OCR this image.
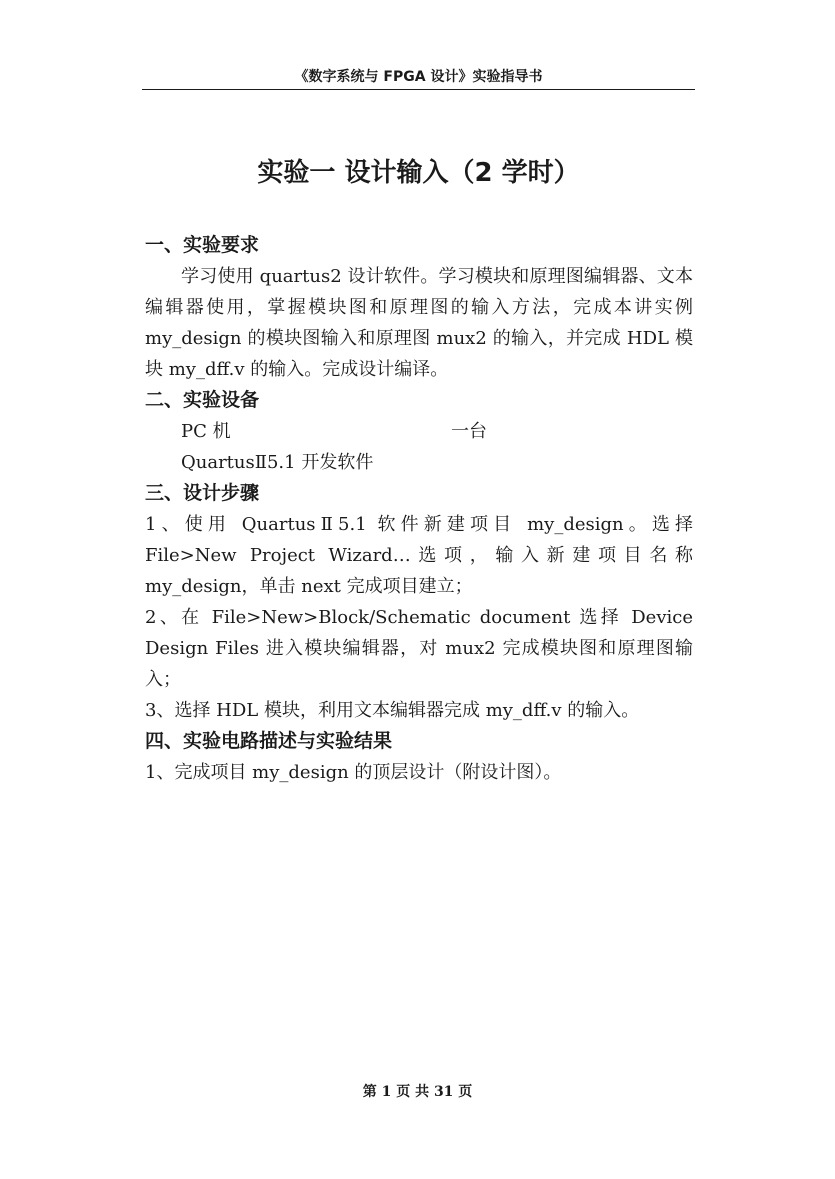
《数字系统与 FPGA 设计》实验指导书
实验一 设计输入（2 学时）

一、实验要求

学习使用 quartus2 设计软件。学习模块和原理图编辑器、文本编辑器使用，掌握模块图和原理图的输入方法，完成本讲实例 my_design 的模块图输入和原理图 mux2 的输入，并完成 HDL 模块 my_dff.v 的输入。完成设计编译。

二、实验设备

PC 机	一台
QuartusⅡ5.1 开发软件

三、设计步骤

1、使用 QuartusⅡ5.1 软件新建项目 my_design。选择 File>New Project Wizard…选项，输入新建项目名称 my_design，单击 next 完成项目建立；

2、在 File>New>Block/Schematic document 选择 Device Design Files 进入模块编辑器，对 mux2 完成模块图和原理图输入；

3、选择 HDL 模块，利用文本编辑器完成 my_dff.v 的输入。

四、实验电路描述与实验结果

1、完成项目 my_design 的顶层设计（附设计图）。

第 1 页 共 31 页
